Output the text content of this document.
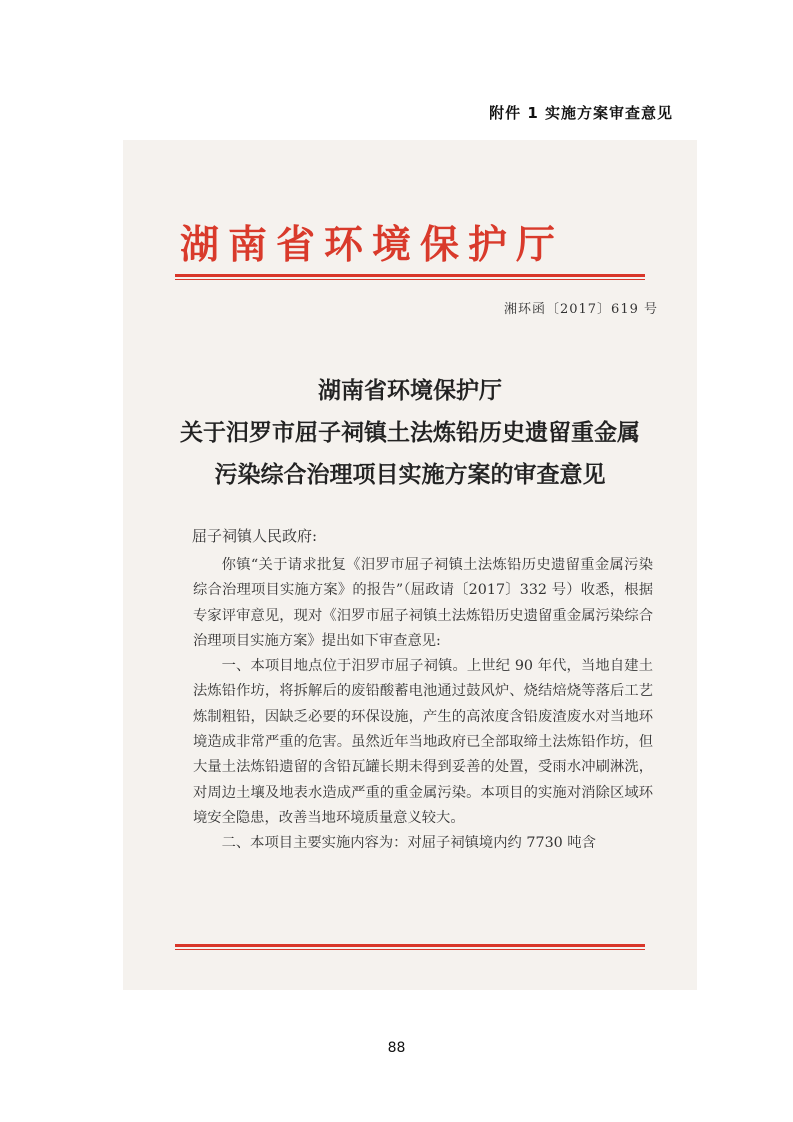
附件 1 实施方案审查意见
湖南省环境保护厅
湘环函〔2017〕619 号
湖南省环境保护厅
关于汨罗市屈子祠镇土法炼铅历史遗留重金属
污染综合治理项目实施方案的审查意见
屈子祠镇人民政府:

你镇“关于请求批复《汨罗市屈子祠镇土法炼铅历史遗留重金属污染综合治理项目实施方案》的报告”（屈政请〔2017〕332 号）收悉，根据专家评审意见，现对《汨罗市屈子祠镇土法炼铅历史遗留重金属污染综合治理项目实施方案》提出如下审查意见:

一、本项目地点位于汨罗市屈子祠镇。上世纪 90 年代，当地自建土法炼铅作坊，将拆解后的废铅酸蓄电池通过鼓风炉、烧结焙烧等落后工艺炼制粗铅，因缺乏必要的环保设施，产生的高浓度含铅废渣废水对当地环境造成非常严重的危害。虽然近年当地政府已全部取缔土法炼铅作坊，但大量土法炼铅遗留的含铅瓦罐长期未得到妥善的处置，受雨水冲刷淋洗，对周边土壤及地表水造成严重的重金属污染。本项目的实施对消除区域环境安全隐患，改善当地环境质量意义较大。

二、本项目主要实施内容为：对屈子祠镇境内约 7730 吨含

88
